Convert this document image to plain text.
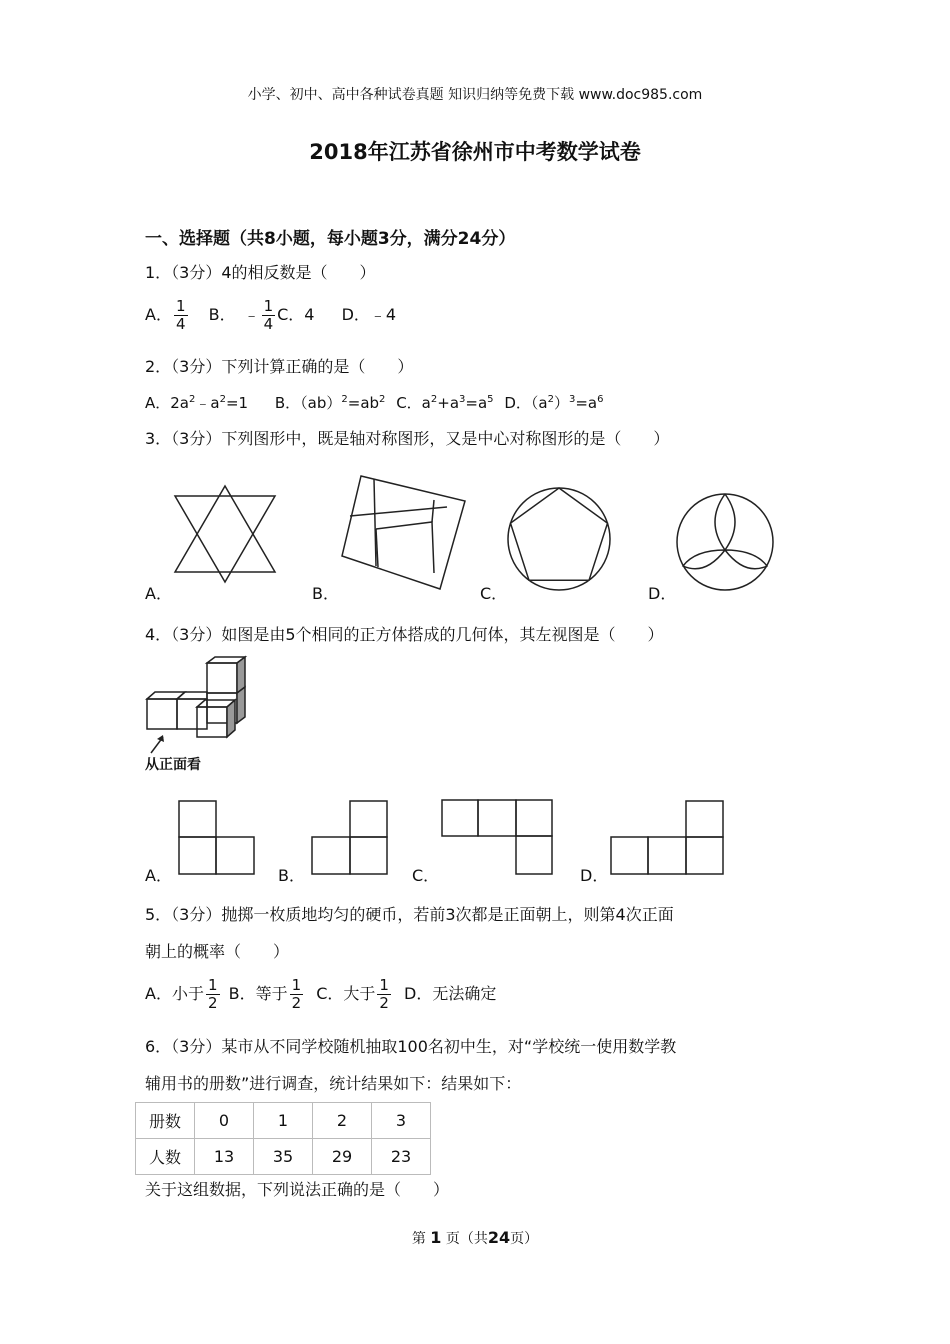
小学、初中、高中各种试卷真题 知识归纳等免费下载 www.doc985.com
2018年江苏省徐州市中考数学试卷
一、选择题（共8小题，每小题3分，满分24分）
1．（3分）4的相反数是（　　）
A． $\frac{1}{4}$ B．　﹣ $\frac{1}{4}$ C．4 D．﹣4
2．（3分）下列计算正确的是（　　）
A．$2a^2﹣a^2=1$ B．$(ab)^2=ab^2$ C．$a^2+a^3=a^5$ D．$(a^2)^3=a^6$
3．（3分）下列图形中，既是轴对称图形，又是中心对称图形的是（　　）
A．	B．	C．	D．
4．（3分）如图是由5个相同的正方体搭成的几何体，其左视图是（　　）
从正面看
A．	B．	C．	D．
5．（3分）抛掷一枚质地均匀的硬币，若前3次都是正面朝上，则第4次正面
朝上的概率（　　）
A．小于 $\frac{1}{2}$ B．等于 $\frac{1}{2}$ C．大于 $\frac{1}{2}$ D．无法确定
6．（3分）某市从不同学校随机抽取100名初中生，对“学校统一使用数学教
辅用书的册数”进行调查，统计结果如下：结果如下：
册数	0	1	2	3
人数	13	35	29	23
关于这组数据，下列说法正确的是（　　）
第 1 页（共24页）
